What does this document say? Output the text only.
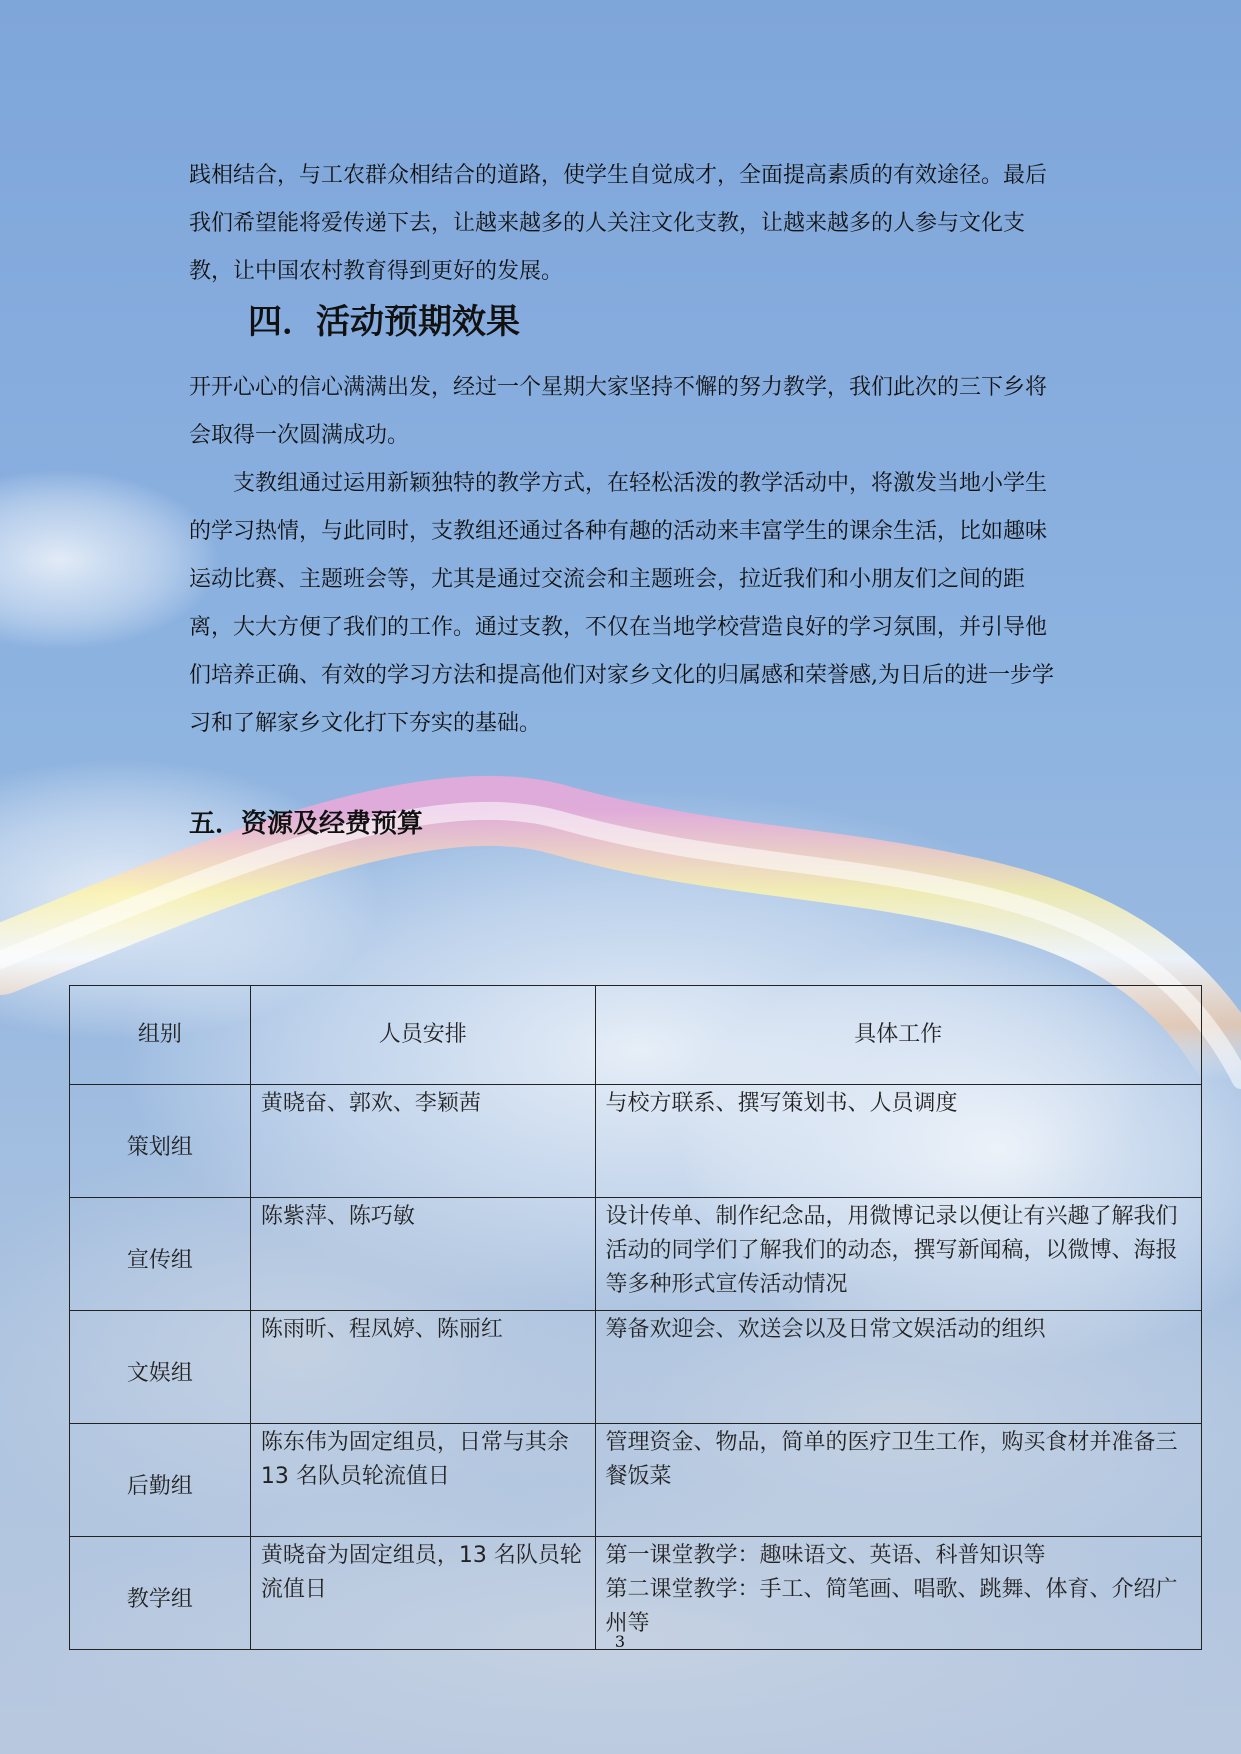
践相结合，与工农群众相结合的道路，使学生自觉成才，全面提高素质的有效途径。最后我们希望能将爱传递下去，让越来越多的人关注文化支教，让越来越多的人参与文化支教，让中国农村教育得到更好的发展。

四．活动预期效果

开开心心的信心满满出发，经过一个星期大家坚持不懈的努力教学，我们此次的三下乡将会取得一次圆满成功。

支教组通过运用新颖独特的教学方式，在轻松活泼的教学活动中，将激发当地小学生的学习热情，与此同时，支教组还通过各种有趣的活动来丰富学生的课余生活，比如趣味运动比赛、主题班会等，尤其是通过交流会和主题班会，拉近我们和小朋友们之间的距离，大大方便了我们的工作。通过支教，不仅在当地学校营造良好的学习氛围，并引导他们培养正确、有效的学习方法和提高他们对家乡文化的归属感和荣誉感,为日后的进一步学习和了解家乡文化打下夯实的基础。

五．资源及经费预算
组别	人员安排	具体工作
策划组	黄晓奋、郭欢、李颖茜	与校方联系、撰写策划书、人员调度

宣传组	陈紫萍、陈巧敏	设计传单、制作纪念品，用微博记录以便让有兴趣了解我们活动的同学们了解我们的动态，撰写新闻稿，以微博、海报等多种形式宣传活动情况

文娱组	陈雨昕、程凤婷、陈丽红	筹备欢迎会、欢送会以及日常文娱活动的组织

后勤组	陈东伟为固定组员，日常与其余 13 名队员轮流值日	管理资金、物品，简单的医疗卫生工作，购买食材并准备三餐饭菜

教学组	黄晓奋为固定组员，13 名队员轮流值日	第一课堂教学：趣味语文、英语、科普知识等
第二课堂教学：手工、简笔画、唱歌、跳舞、体育、介绍广州等
3
